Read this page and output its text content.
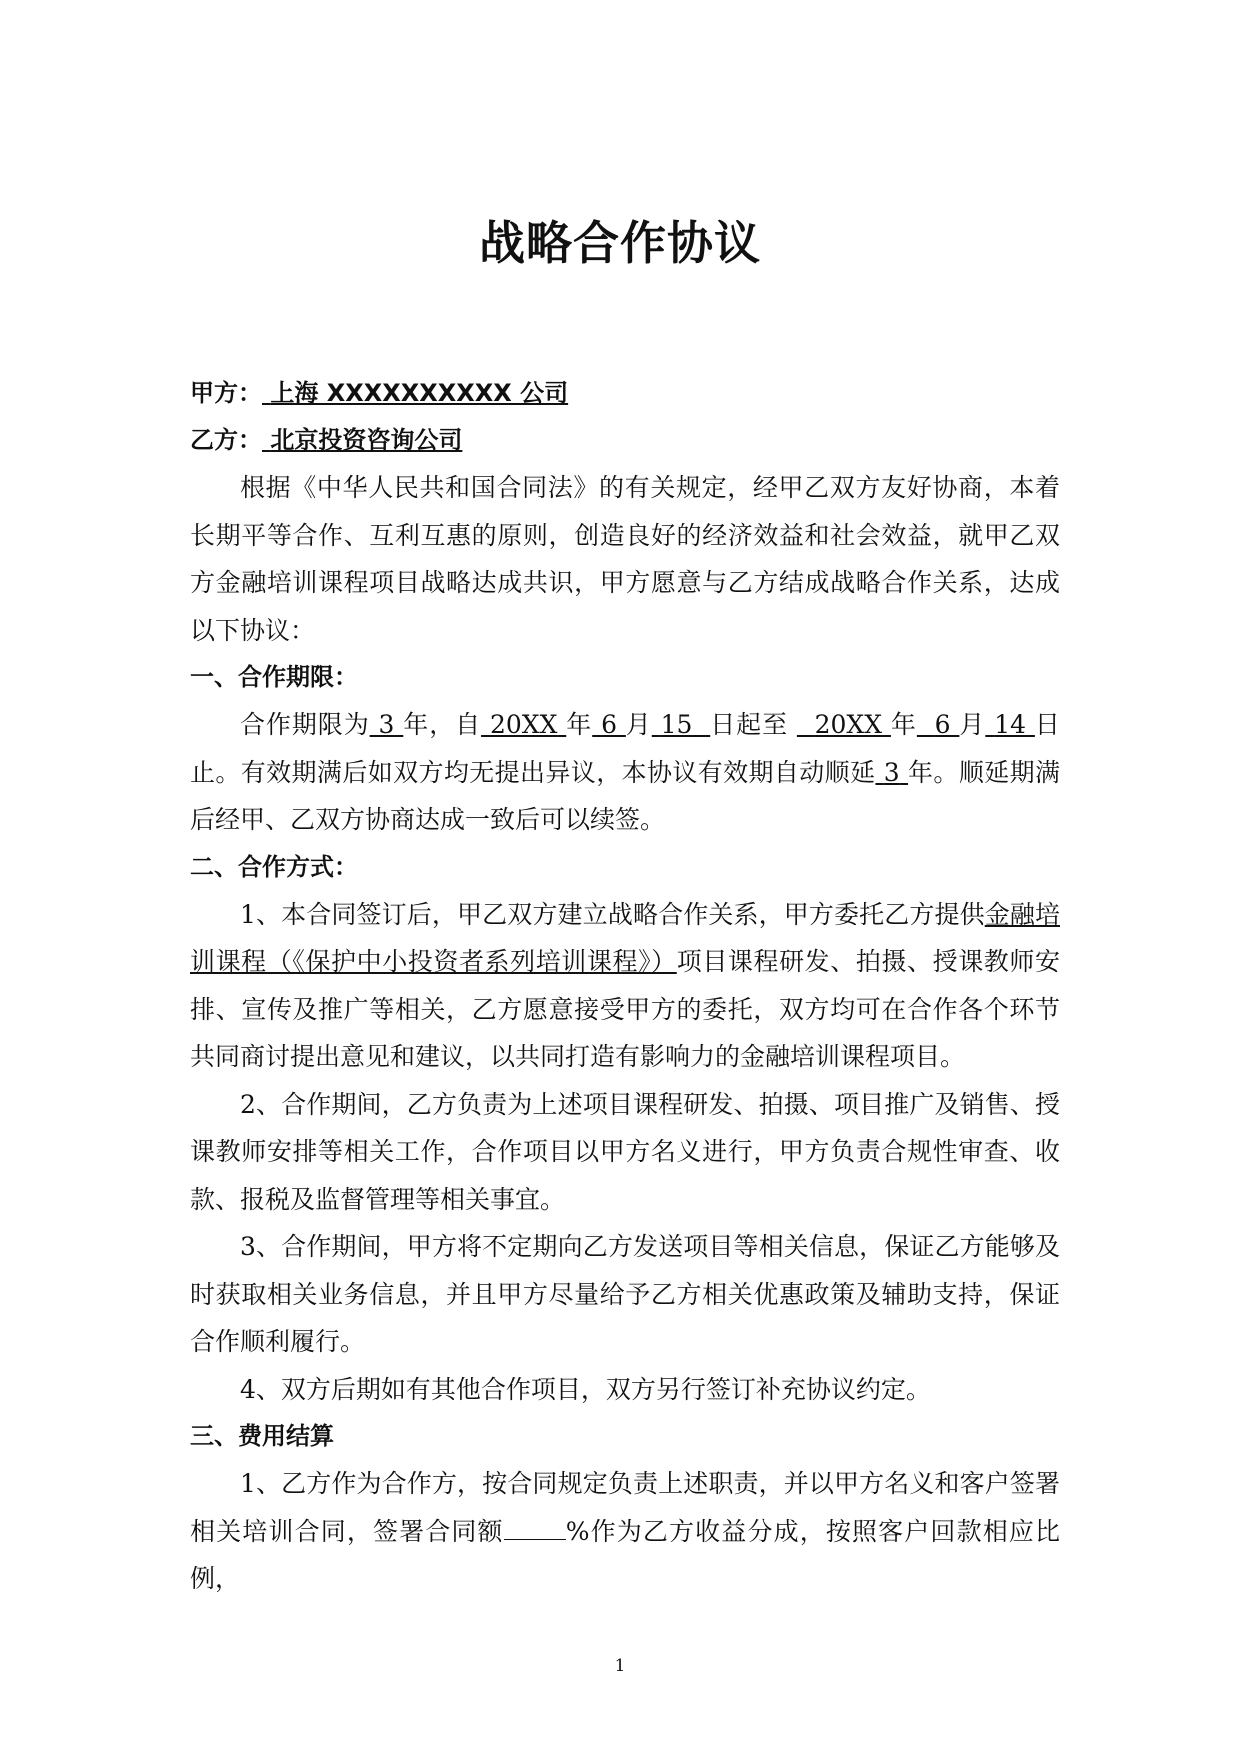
战略合作协议
甲方： 上海 XXXXXXXXXX 公司
乙方： 北京投资咨询公司

根据《中华人民共和国合同法》的有关规定，经甲乙双方友好协商，本着长期平等合作、互利互惠的原则，创造良好的经济效益和社会效益，就甲乙双方金融培训课程项目战略达成共识，甲方愿意与乙方结成战略合作关系，达成以下协议：

一、合作期限：

合作期限为 3 年，自 20XX 年 6 月 15 日起至 20XX 年 6 月 14 日止。有效期满后如双方均无提出异议，本协议有效期自动顺延 3 年。顺延期满后经甲、乙双方协商达成一致后可以续签。

二、合作方式：

1、本合同签订后，甲乙双方建立战略合作关系，甲方委托乙方提供金融培训课程（《保护中小投资者系列培训课程》）项目课程研发、拍摄、授课教师安排、宣传及推广等相关，乙方愿意接受甲方的委托，双方均可在合作各个环节共同商讨提出意见和建议，以共同打造有影响力的金融培训课程项目。

2、合作期间，乙方负责为上述项目课程研发、拍摄、项目推广及销售、授课教师安排等相关工作，合作项目以甲方名义进行，甲方负责合规性审查、收款、报税及监督管理等相关事宜。

3、合作期间，甲方将不定期向乙方发送项目等相关信息，保证乙方能够及时获取相关业务信息，并且甲方尽量给予乙方相关优惠政策及辅助支持，保证合作顺利履行。

4、双方后期如有其他合作项目，双方另行签订补充协议约定。

三、费用结算

1、乙方作为合作方，按合同规定负责上述职责，并以甲方名义和客户签署相关培训合同，签署合同额 %作为乙方收益分成，按照客户回款相应比例，

1
